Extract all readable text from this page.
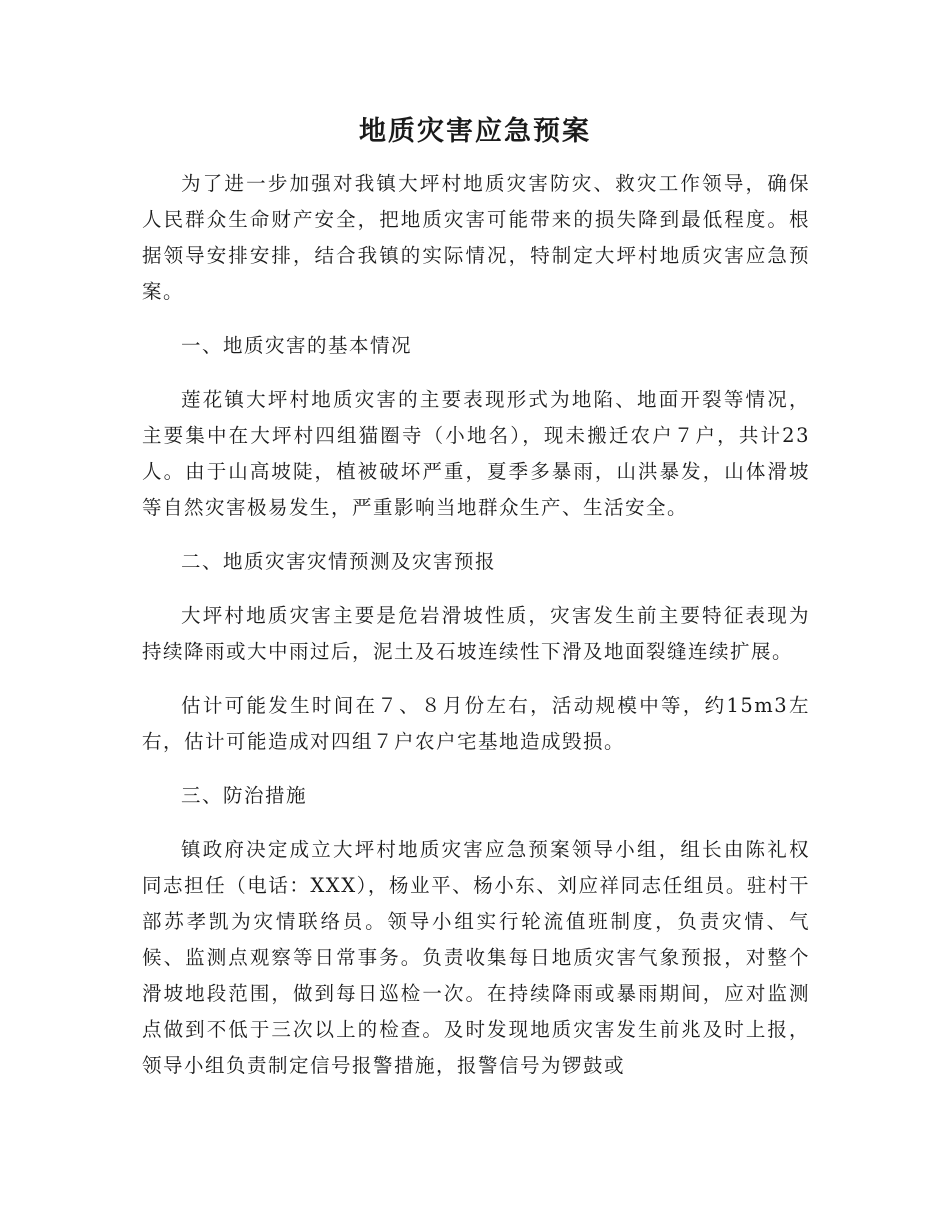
地质灾害应急预案

为了进一步加强对我镇大坪村地质灾害防灾、救灾工作领导，确保人民群众生命财产安全，把地质灾害可能带来的损失降到最低程度。根据领导安排安排，结合我镇的实际情况，特制定大坪村地质灾害应急预案。

一、地质灾害的基本情况

莲花镇大坪村地质灾害的主要表现形式为地陷、地面开裂等情况，主要集中在大坪村四组猫圈寺（小地名），现未搬迁农户７户，共计23人。由于山高坡陡，植被破坏严重，夏季多暴雨，山洪暴发，山体滑坡等自然灾害极易发生，严重影响当地群众生产、生活安全。

二、地质灾害灾情预测及灾害预报

大坪村地质灾害主要是危岩滑坡性质，灾害发生前主要特征表现为持续降雨或大中雨过后，泥土及石坡连续性下滑及地面裂缝连续扩展。

估计可能发生时间在７、８月份左右，活动规模中等，约15m3左右，估计可能造成对四组７户农户宅基地造成毁损。

三、防治措施

镇政府决定成立大坪村地质灾害应急预案领导小组，组长由陈礼权同志担任（电话：XXX），杨业平、杨小东、刘应祥同志任组员。驻村干部苏孝凯为灾情联络员。领导小组实行轮流值班制度，负责灾情、气候、监测点观察等日常事务。负责收集每日地质灾害气象预报，对整个滑坡地段范围，做到每日巡检一次。在持续降雨或暴雨期间，应对监测点做到不低于三次以上的检查。及时发现地质灾害发生前兆及时上报，领导小组负责制定信号报警措施，报警信号为锣鼓或
